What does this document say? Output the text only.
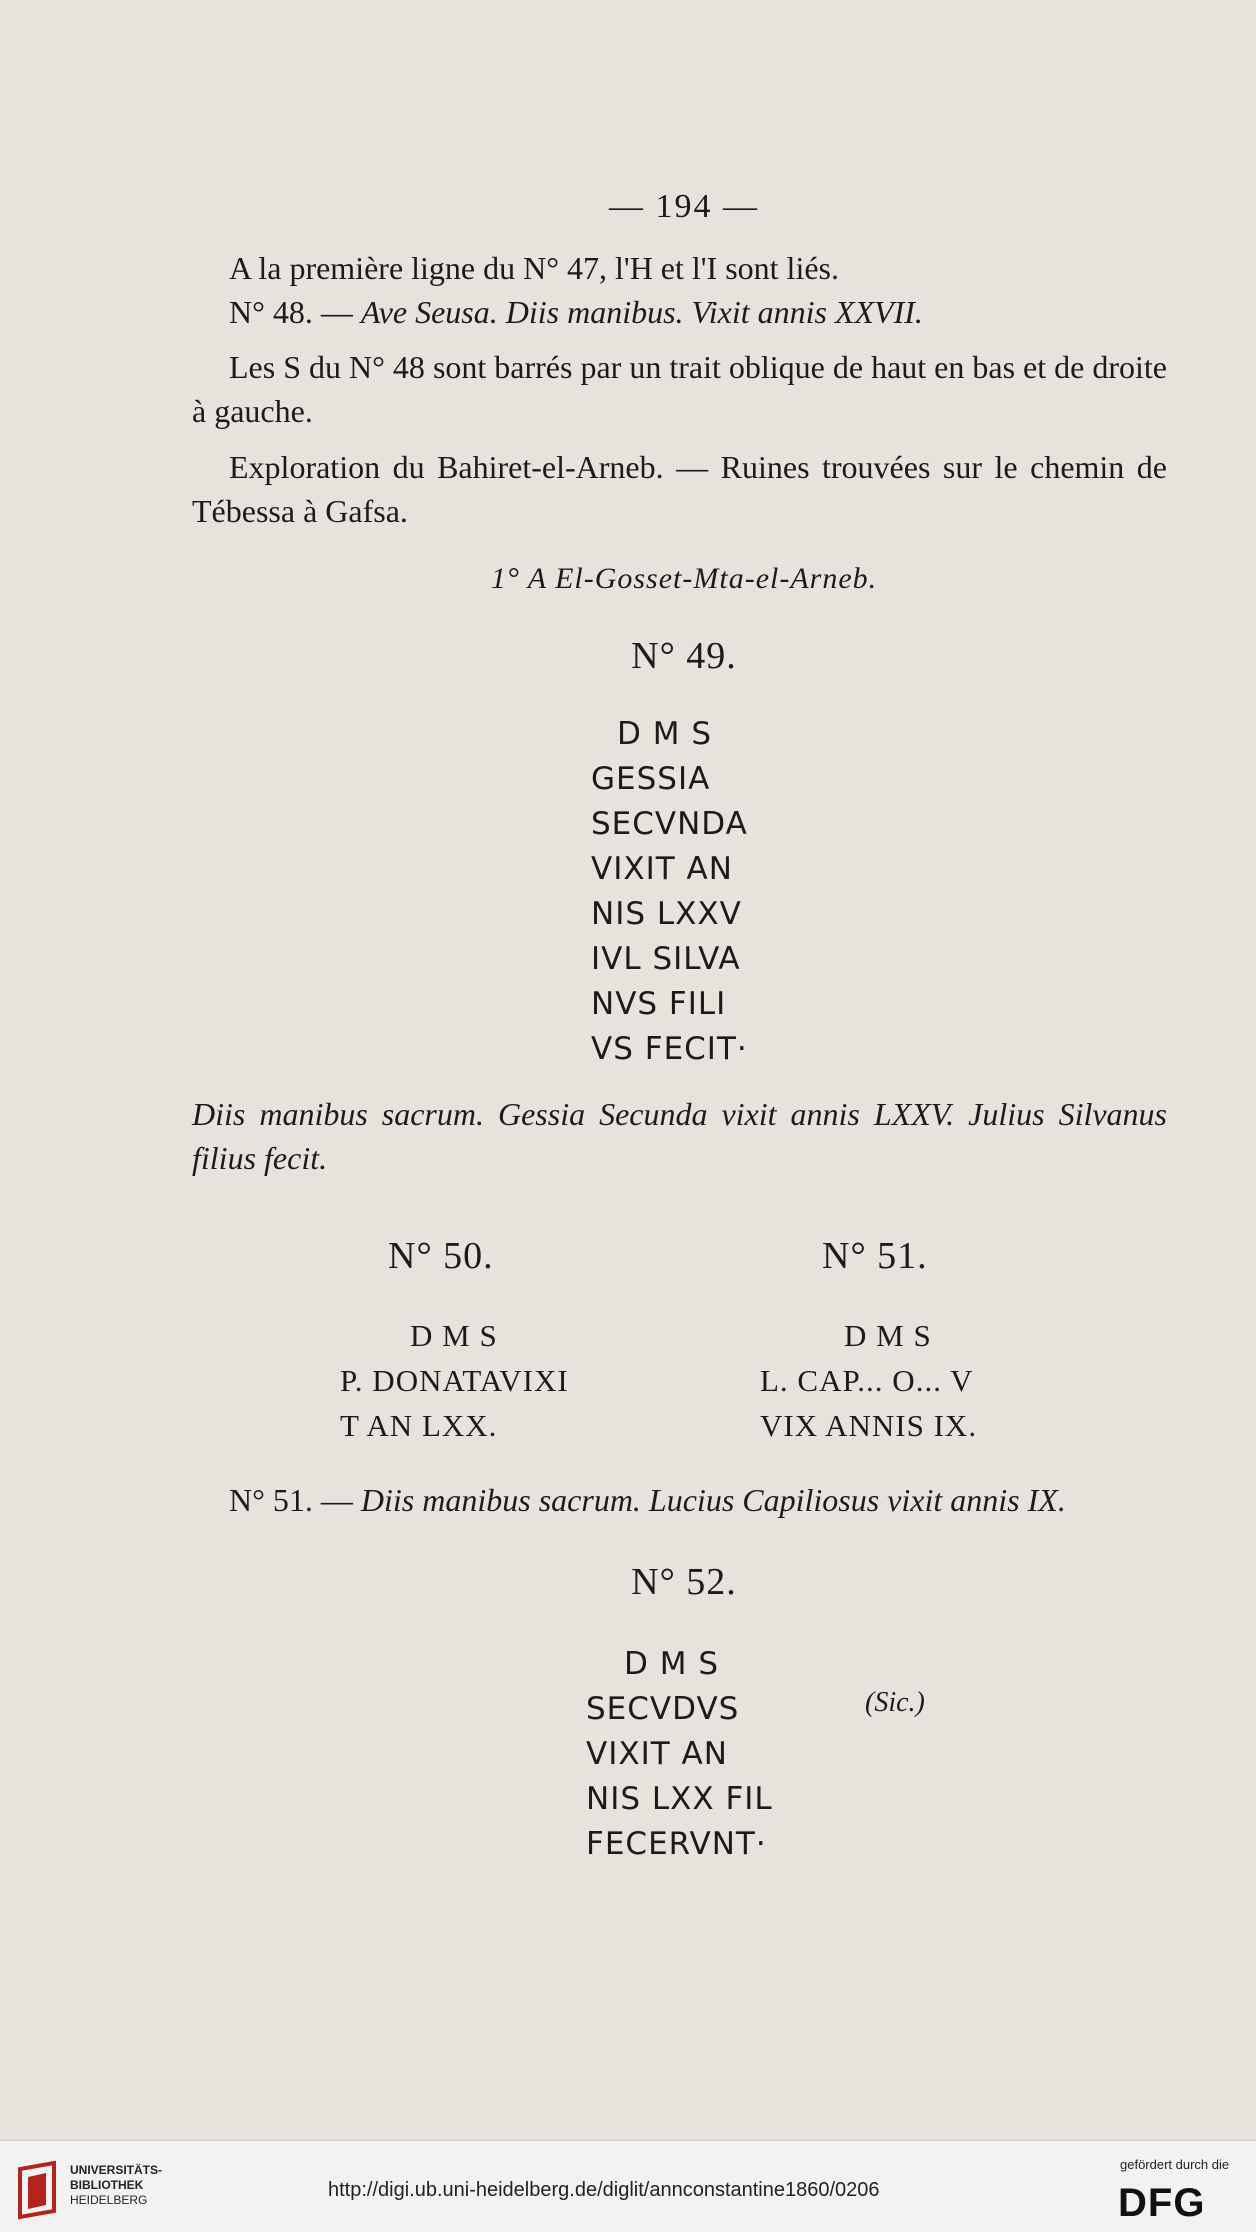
— 194 —

A la première ligne du N° 47, l'H et l'I sont liés.

N° 48. — Ave Seusa. Diis manibus. Vixit annis XXVII.

Les S du N° 48 sont barrés par un trait oblique de haut en bas et de droite à gauche.

Exploration du Bahiret-el-Arneb. — Ruines trouvées sur le chemin de Tébessa à Gafsa.

1° A El-Gosset-Mta-el-Arneb.
N° 49.
D M S
GESSIA
SECVNDA
VIXIT AN
NIS LXXV
IVL SILVA
NVS FILI
VS FECIT·

Diis manibus sacrum. Gessia Secunda vixit annis LXXV. Julius Silvanus filius fecit.

N° 50.
D M S
P. DONATAVIXI
T AN LXX.
N° 51.
D M S
L. CAP... O... V
VIX ANNIS IX.

N° 51. — Diis manibus sacrum. Lucius Capiliosus vixit annis IX.

N° 52.
D M S
SECVDVS
VIXIT AN
NIS LXX FIL
FECERVNT·
(Sic.)
UNIVERSITÄTS-
BIBLIOTHEK
HEIDELBERG	http://digi.ub.uni-heidelberg.de/diglit/annconstantine1860/0206
gefördert durch die
DFG
